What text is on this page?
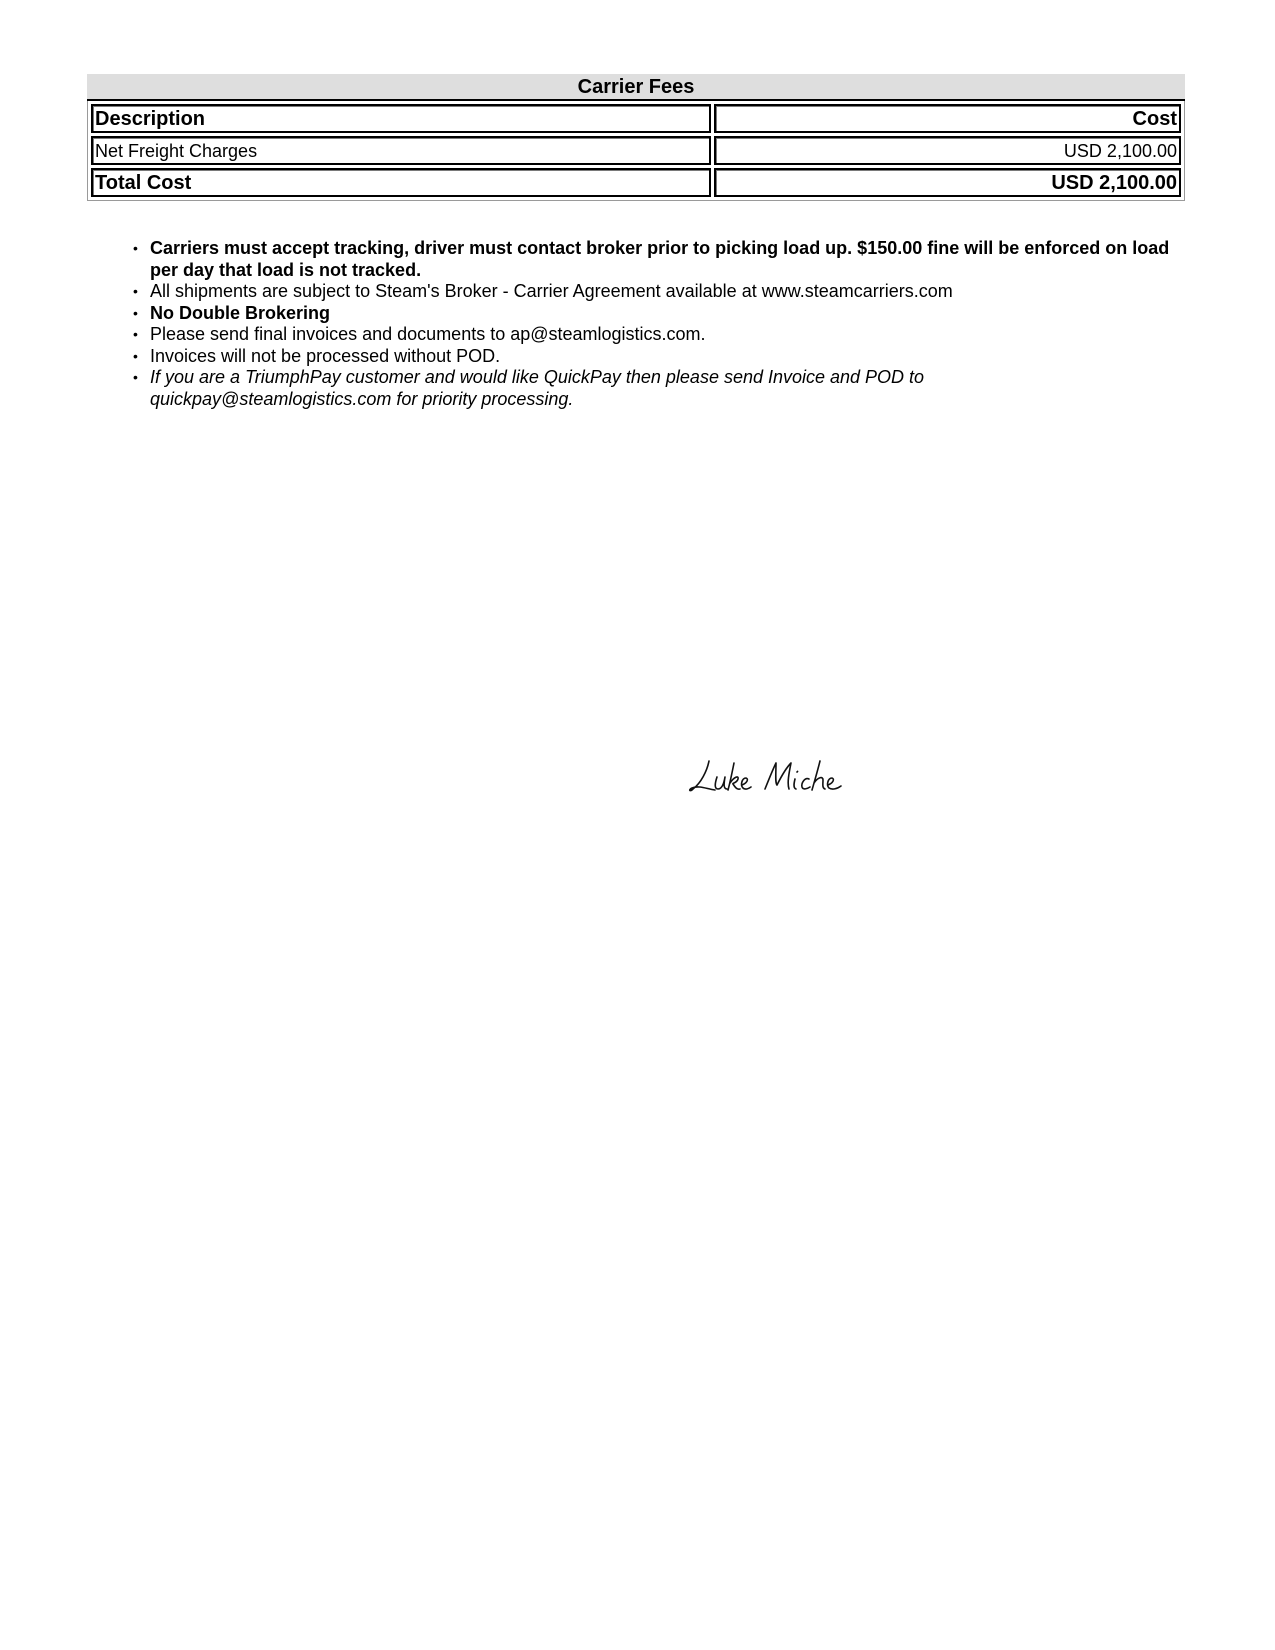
Carrier Fees
Description	Cost
Net Freight Charges	USD 2,100.00
Total Cost	USD 2,100.00
• Carriers must accept tracking, driver must contact broker prior to picking load up. $150.00 fine will be enforced on load per day that load is not tracked.
• All shipments are subject to Steam's Broker - Carrier Agreement available at www.steamcarriers.com
• No Double Brokering
• Please send final invoices and documents to ap@steamlogistics.com.
• Invoices will not be processed without POD.
• If you are a TriumphPay customer and would like QuickPay then please send Invoice and POD to quickpay@steamlogistics.com for priority processing.
